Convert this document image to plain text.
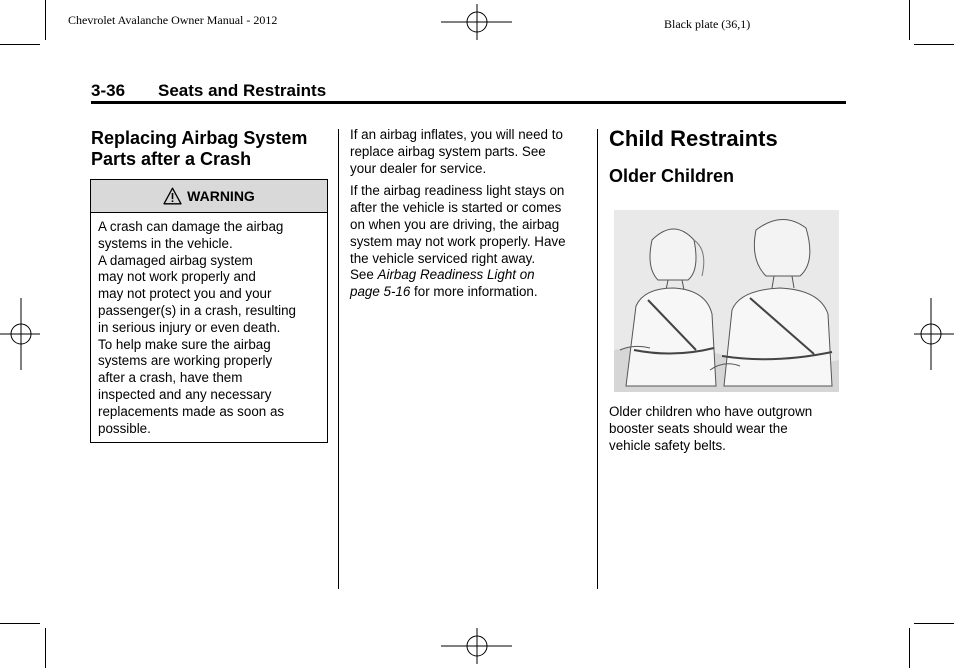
Chevrolet Avalanche Owner Manual - 2012	Black plate (36,1)
3-36 Seats and Restraints
Replacing Airbag System
Parts after a Crash
WARNING
A crash can damage the airbag
systems in the vehicle.
A damaged airbag system
may not work properly and
may not protect you and your
passenger(s) in a crash, resulting
in serious injury or even death.
To help make sure the airbag
systems are working properly
after a crash, have them
inspected and any necessary
replacements made as soon as
possible.

If an airbag inflates, you will need to
replace airbag system parts. See
your dealer for service.

If the airbag readiness light stays on
after the vehicle is started or comes
on when you are driving, the airbag
system may not work properly. Have
the vehicle serviced right away.
See Airbag Readiness Light on
page 5-16 for more information.

Child Restraints
Older Children
Older children who have outgrown
booster seats should wear the
vehicle safety belts.
